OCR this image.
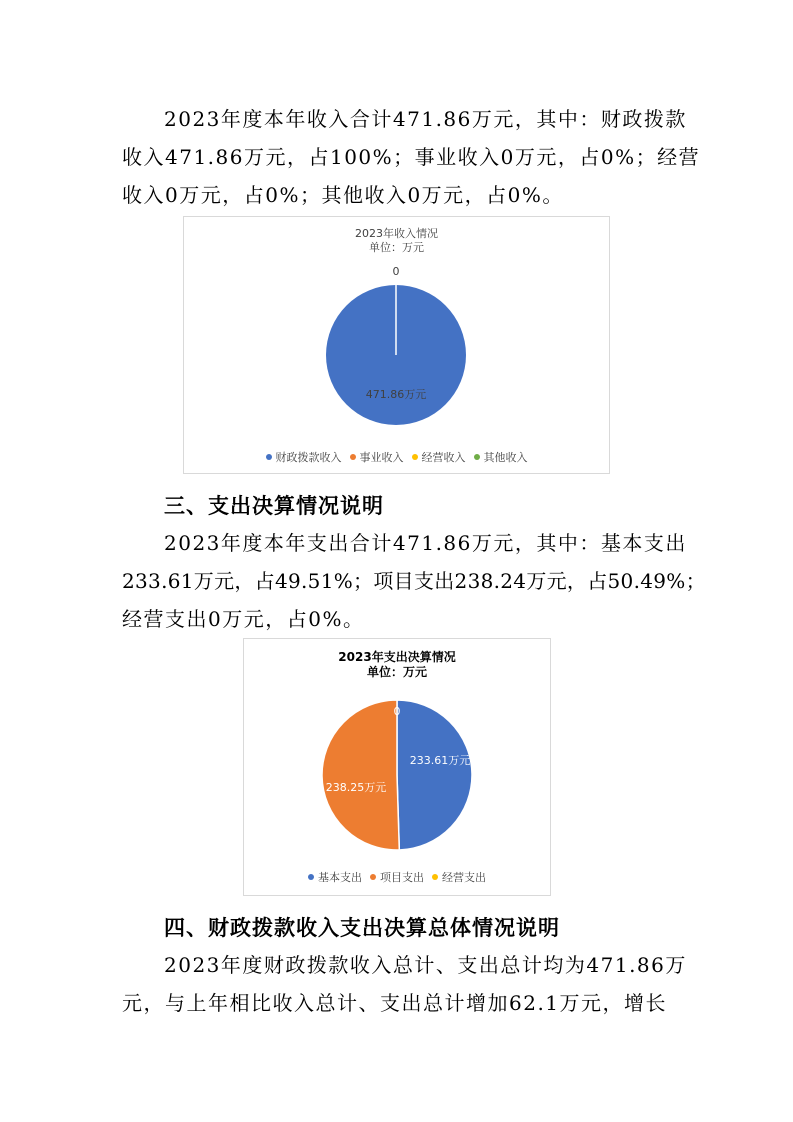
2023年度本年收入合计471.86万元，其中：财政拨款
收入471.86万元，占100%；事业收入0万元，占0%；经营
收入0万元，占0%；其他收入0万元，占0%。

2023年收入情况
单位：万元
471.86万元
0
财政拨款收入 事业收入 经营收入 其他收入
三、支出决算情况说明

2023年度本年支出合计471.86万元，其中：基本支出
233.61万元，占49.51%；项目支出238.24万元，占50.49%；
经营支出0万元，占0%。

2023年支出决算情况
单位：万元
233.61万元
238.25万元
0
基本支出 项目支出 经营支出
四、财政拨款收入支出决算总体情况说明

2023年度财政拨款收入总计、支出总计均为471.86万
元，与上年相比收入总计、支出总计增加62.1万元，增长
